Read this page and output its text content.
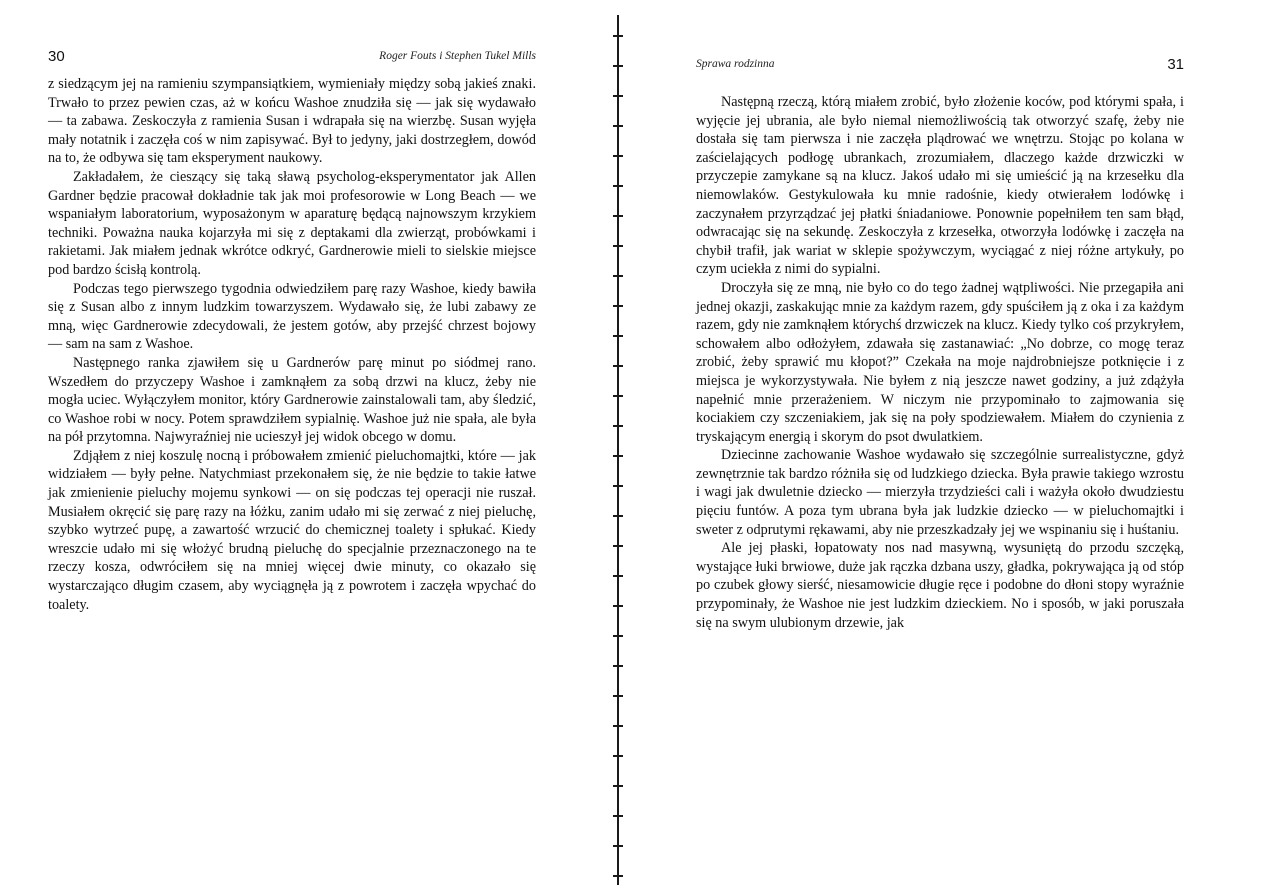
30	Roger Fouts i Stephen Tukel Mills

z siedzącym jej na ramieniu szympansiątkiem, wymieniały między sobą jakieś znaki. Trwało to przez pewien czas, aż w końcu Washoe znudziła się — jak się wydawało — ta zabawa. Zeskoczyła z ramienia Susan i wdrapała się na wierzbę. Susan wyjęła mały notatnik i zaczęła coś w nim zapisywać. Był to jedyny, jaki dostrzegłem, dowód na to, że odbywa się tam eksperyment naukowy.

Zakładałem, że cieszący się taką sławą psycholog-eksperymentator jak Allen Gardner będzie pracował dokładnie tak jak moi profesorowie w Long Beach — we wspaniałym laboratorium, wyposażonym w aparaturę będącą najnowszym krzykiem techniki. Poważna nauka kojarzyła mi się z deptakami dla zwierząt, probówkami i rakietami. Jak miałem jednak wkrótce odkryć, Gardnerowie mieli to sielskie miejsce pod bardzo ścisłą kontrolą.

Podczas tego pierwszego tygodnia odwiedziłem parę razy Washoe, kiedy bawiła się z Susan albo z innym ludzkim towarzyszem. Wydawało się, że lubi zabawy ze mną, więc Gardnerowie zdecydowali, że jestem gotów, aby przejść chrzest bojowy — sam na sam z Washoe.

Następnego ranka zjawiłem się u Gardnerów parę minut po siódmej rano. Wszedłem do przyczepy Washoe i zamknąłem za sobą drzwi na klucz, żeby nie mogła uciec. Wyłączyłem monitor, który Gardnerowie zainstalowali tam, aby śledzić, co Washoe robi w nocy. Potem sprawdziłem sypialnię. Washoe już nie spała, ale była na pół przytomna. Najwyraźniej nie ucieszył jej widok obcego w domu.

Zdjąłem z niej koszulę nocną i próbowałem zmienić pieluchomajtki, które — jak widziałem — były pełne. Natychmiast przekonałem się, że nie będzie to takie łatwe jak zmienienie pieluchy mojemu synkowi — on się podczas tej operacji nie ruszał. Musiałem okręcić się parę razy na łóżku, zanim udało mi się zerwać z niej pieluchę, szybko wytrzeć pupę, a zawartość wrzucić do chemicznej toalety i spłukać. Kiedy wreszcie udało mi się włożyć brudną pieluchę do specjalnie przeznaczonego na te rzeczy kosza, odwróciłem się na mniej więcej dwie minuty, co okazało się wystarczająco długim czasem, aby wyciągnęła ją z powrotem i zaczęła wpychać do toalety.

Sprawa rodzinna	31

Następną rzeczą, którą miałem zrobić, było złożenie koców, pod którymi spała, i wyjęcie jej ubrania, ale było niemal niemożliwością tak otworzyć szafę, żeby nie dostała się tam pierwsza i nie zaczęła plądrować we wnętrzu. Stojąc po kolana w zaścielających podłogę ubrankach, zrozumiałem, dlaczego każde drzwiczki w przyczepie zamykane są na klucz. Jakoś udało mi się umieścić ją na krzesełku dla niemowlaków. Gestykulowała ku mnie radośnie, kiedy otwierałem lodówkę i zaczynałem przyrządzać jej płatki śniadaniowe. Ponownie popełniłem ten sam błąd, odwracając się na sekundę. Zeskoczyła z krzesełka, otworzyła lodówkę i zaczęła na chybił trafił, jak wariat w sklepie spożywczym, wyciągać z niej różne artykuły, po czym uciekła z nimi do sypialni.

Droczyła się ze mną, nie było co do tego żadnej wątpliwości. Nie przegapiła ani jednej okazji, zaskakując mnie za każdym razem, gdy spuściłem ją z oka i za każdym razem, gdy nie zamknąłem którychś drzwiczek na klucz. Kiedy tylko coś przykryłem, schowałem albo odłożyłem, zdawała się zastanawiać: „No dobrze, co mogę teraz zrobić, żeby sprawić mu kłopot?” Czekała na moje najdrobniejsze potknięcie i z miejsca je wykorzystywała. Nie byłem z nią jeszcze nawet godziny, a już zdążyła napełnić mnie przerażeniem. W niczym nie przypominało to zajmowania się kociakiem czy szczeniakiem, jak się na poły spodziewałem. Miałem do czynienia z tryskającym energią i skorym do psot dwulatkiem.

Dziecinne zachowanie Washoe wydawało się szczególnie surrealistyczne, gdyż zewnętrznie tak bardzo różniła się od ludzkiego dziecka. Była prawie takiego wzrostu i wagi jak dwuletnie dziecko — mierzyła trzydzieści cali i ważyła około dwudziestu pięciu funtów. A poza tym ubrana była jak ludzkie dziecko — w pieluchomajtki i sweter z odprutymi rękawami, aby nie przeszkadzały jej we wspinaniu się i huśtaniu.

Ale jej płaski, łopatowaty nos nad masywną, wysuniętą do przodu szczęką, wystające łuki brwiowe, duże jak rączka dzbana uszy, gładka, pokrywająca ją od stóp po czubek głowy sierść, niesamowicie długie ręce i podobne do dłoni stopy wyraźnie przypominały, że Washoe nie jest ludzkim dzieckiem. No i sposób, w jaki poruszała się na swym ulubionym drzewie, jak
